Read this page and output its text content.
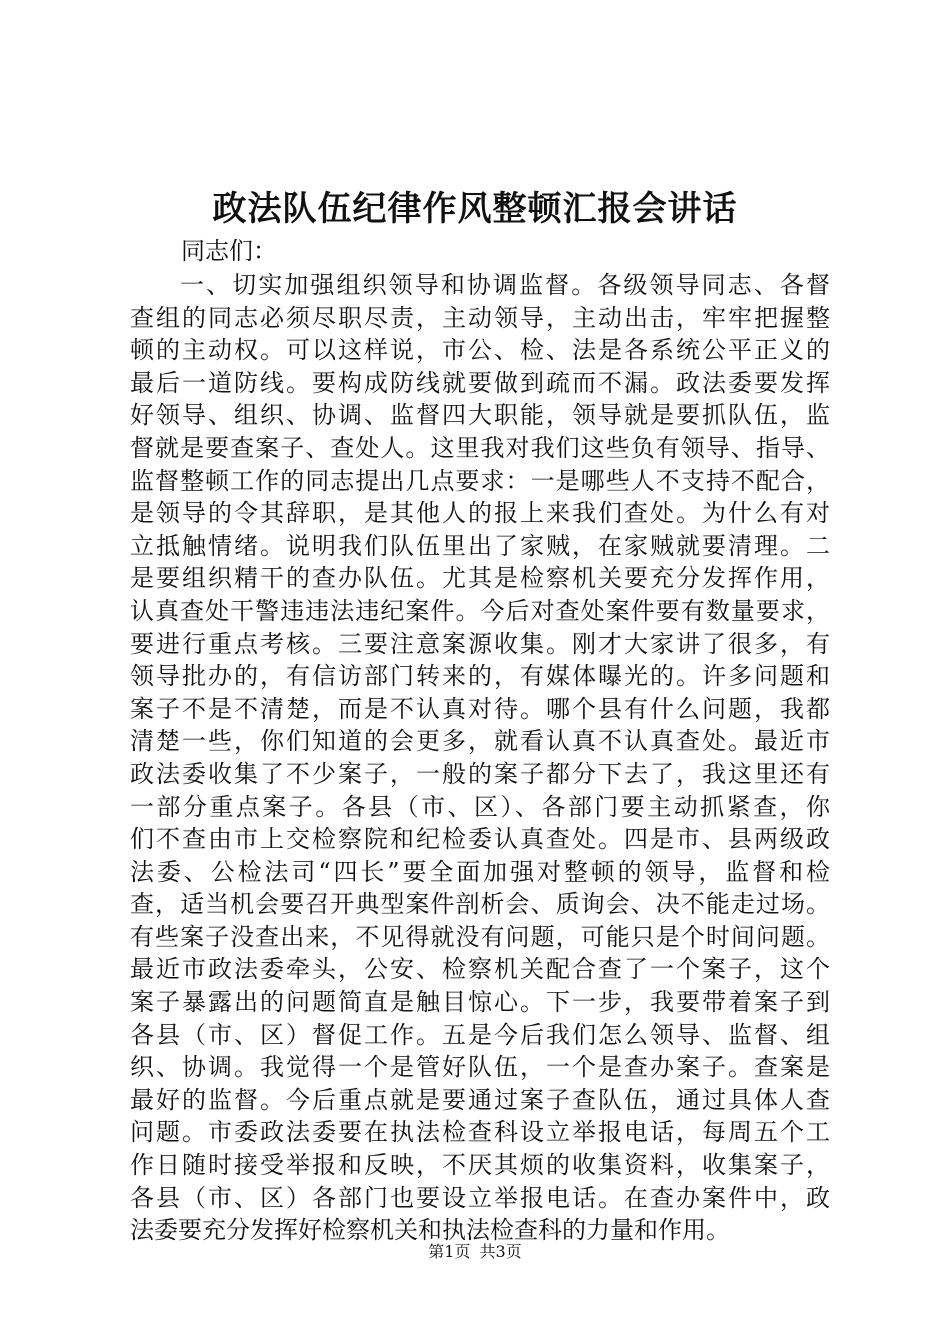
政法队伍纪律作风整顿汇报会讲话

同志们：

一、切实加强组织领导和协调监督。各级领导同志、各督
查组的同志必须尽职尽责，主动领导，主动出击，牢牢把握整
顿的主动权。可以这样说，市公、检、法是各系统公平正义的
最后一道防线。要构成防线就要做到疏而不漏。政法委要发挥
好领导、组织、协调、监督四大职能，领导就是要抓队伍，监
督就是要查案子、查处人。这里我对我们这些负有领导、指导、
监督整顿工作的同志提出几点要求：一是哪些人不支持不配合，
是领导的令其辞职，是其他人的报上来我们查处。为什么有对
立抵触情绪。说明我们队伍里出了家贼，在家贼就要清理。二
是要组织精干的查办队伍。尤其是检察机关要充分发挥作用，
认真查处干警违违法违纪案件。今后对查处案件要有数量要求，
要进行重点考核。三要注意案源收集。刚才大家讲了很多，有
领导批办的，有信访部门转来的，有媒体曝光的。许多问题和
案子不是不清楚，而是不认真对待。哪个县有什么问题，我都
清楚一些，你们知道的会更多，就看认真不认真查处。最近市
政法委收集了不少案子，一般的案子都分下去了，我这里还有
一部分重点案子。各县（市、区）、各部门要主动抓紧查，你
们不查由市上交检察院和纪检委认真查处。四是市、县两级政
法委、公检法司“四长”要全面加强对整顿的领导，监督和检
查，适当机会要召开典型案件剖析会、质询会、决不能走过场。
有些案子没查出来，不见得就没有问题，可能只是个时间问题。
最近市政法委牵头，公安、检察机关配合查了一个案子，这个
案子暴露出的问题简直是触目惊心。下一步，我要带着案子到
各县（市、区）督促工作。五是今后我们怎么领导、监督、组
织、协调。我觉得一个是管好队伍，一个是查办案子。查案是
最好的监督。今后重点就是要通过案子查队伍，通过具体人查
问题。市委政法委要在执法检查科设立举报电话，每周五个工
作日随时接受举报和反映，不厌其烦的收集资料，收集案子，
各县（市、区）各部门也要设立举报电话。在查办案件中，政
法委要充分发挥好检察机关和执法检查科的力量和作用。
第1页 共3页
